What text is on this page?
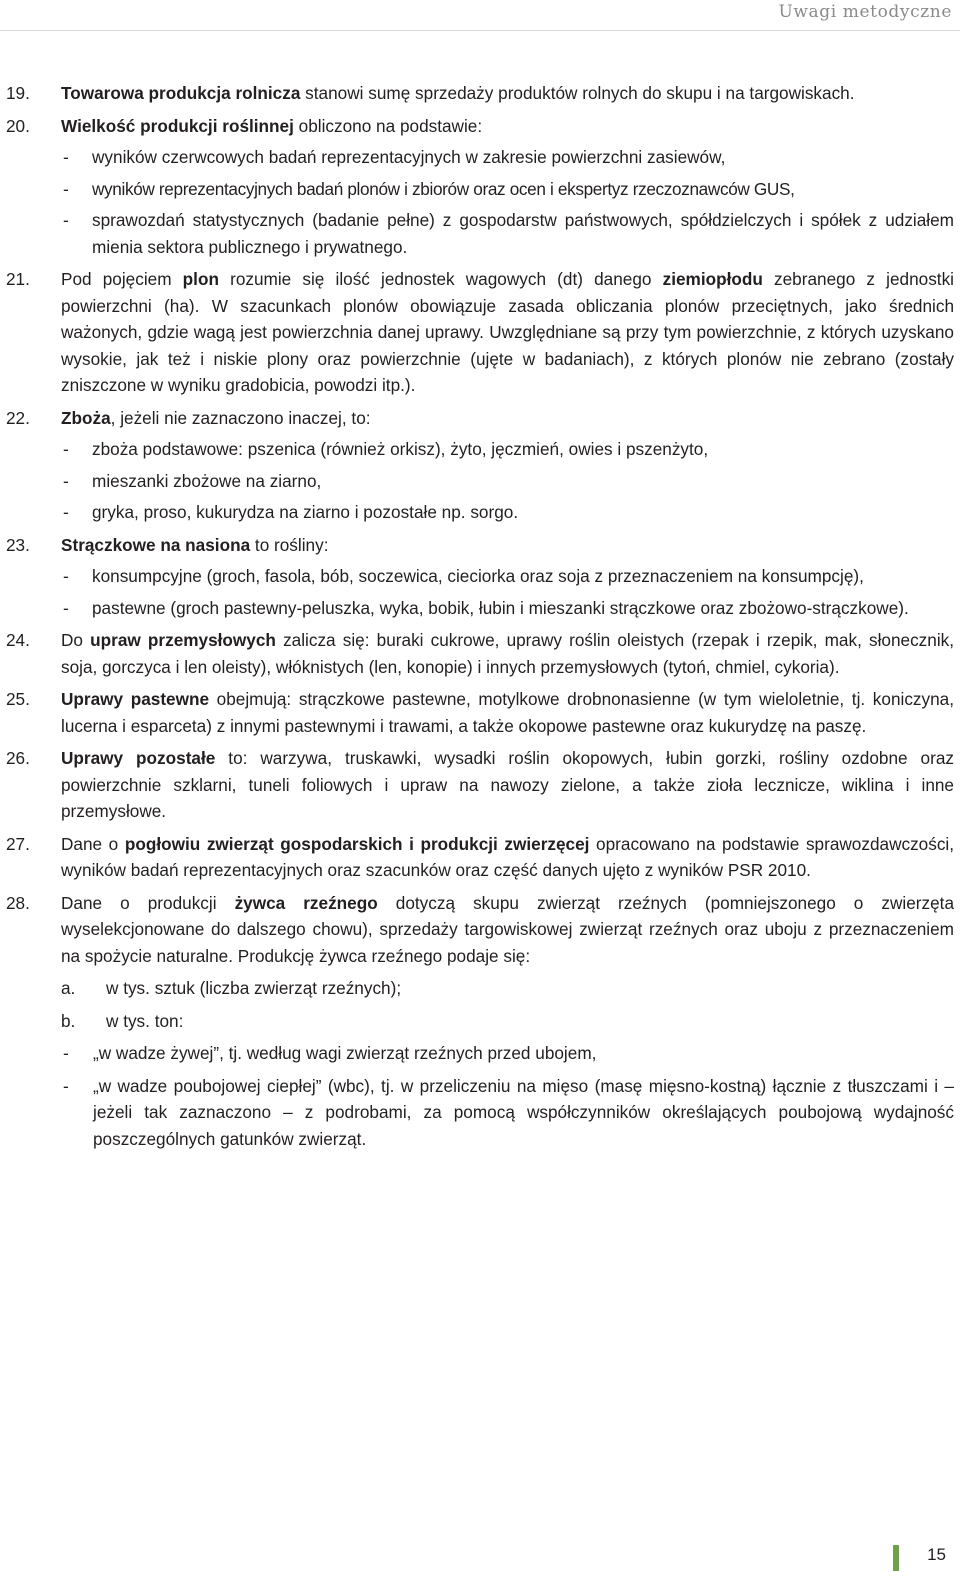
Uwagi metodyczne
19.	Towarowa produkcja rolnicza stanowi sumę sprzedaży produktów rolnych do skupu i na targowiskach.
20.	Wielkość produkcji roślinnej obliczono na podstawie:
- wyników czerwcowych badań reprezentacyjnych w zakresie powierzchni zasiewów,
- wyników reprezentacyjnych badań plonów i zbiorów oraz ocen i ekspertyz rzeczoznawców GUS,
- sprawozdań statystycznych (badanie pełne) z gospodarstw państwowych, spółdzielczych i spółek z udziałem mienia sektora publicznego i prywatnego.
21.	Pod pojęciem plon rozumie się ilość jednostek wagowych (dt) danego ziemiopłodu zebranego z jednostki powierzchni (ha). W szacunkach plonów obowiązuje zasada obliczania plonów przeciętnych, jako średnich ważonych, gdzie wagą jest powierzchnia danej uprawy. Uwzględniane są przy tym powierzchnie, z których uzyskano wysokie, jak też i niskie plony oraz powierzchnie (ujęte w badaniach), z których plonów nie zebrano (zostały zniszczone w wyniku gradobicia, powodzi itp.).
22.	Zboża, jeżeli nie zaznaczono inaczej, to:
- zboża podstawowe: pszenica (również orkisz), żyto, jęczmień, owies i pszenżyto,
- mieszanki zbożowe na ziarno,
- gryka, proso, kukurydza na ziarno i pozostałe np. sorgo.
23.	Strączkowe na nasiona to rośliny:
- konsumpcyjne (groch, fasola, bób, soczewica, cieciorka oraz soja z przeznaczeniem na konsumpcję),
- pastewne (groch pastewny-peluszka, wyka, bobik, łubin i mieszanki strączkowe oraz zbożowo-strączkowe).
24.	Do upraw przemysłowych zalicza się: buraki cukrowe, uprawy roślin oleistych (rzepak i rzepik, mak, słonecznik, soja, gorczyca i len oleisty), włóknistych (len, konopie) i innych przemysłowych (tytoń, chmiel, cykoria).
25.	Uprawy pastewne obejmują: strączkowe pastewne, motylkowe drobnonasienne (w tym wieloletnie, tj. koniczyna, lucerna i esparceta) z innymi pastewnymi i trawami, a także okopowe pastewne oraz kukurydzę na paszę.
26.	Uprawy pozostałe to: warzywa, truskawki, wysadki roślin okopowych, łubin gorzki, rośliny ozdobne oraz powierzchnie szklarni, tuneli foliowych i upraw na nawozy zielone, a także zioła lecznicze, wiklina i inne przemysłowe.
27.	Dane o pogłowiu zwierząt gospodarskich i produkcji zwierzęcej opracowano na podstawie sprawozdawczości, wyników badań reprezentacyjnych oraz szacunków oraz część danych ujęto z wyników PSR 2010.
28.	Dane o produkcji żywca rzeźnego dotyczą skupu zwierząt rzeźnych (pomniejszonego o zwierzęta wyselekcjonowane do dalszego chowu), sprzedaży targowiskowej zwierząt rzeźnych oraz uboju z przeznaczeniem na spożycie naturalne. Produkcję żywca rzeźnego podaje się:
a.	w tys. sztuk (liczba zwierząt rzeźnych);
b.	w tys. ton:
- „w wadze żywej”, tj. według wagi zwierząt rzeźnych przed ubojem,
- „w wadze poubojowej ciepłej” (wbc), tj. w przeliczeniu na mięso (masę mięsno-kostną) łącznie z tłuszczami i – jeżeli tak zaznaczono – z podrobami, za pomocą współczynników określających poubojową wydajność poszczególnych gatunków zwierząt.
15
